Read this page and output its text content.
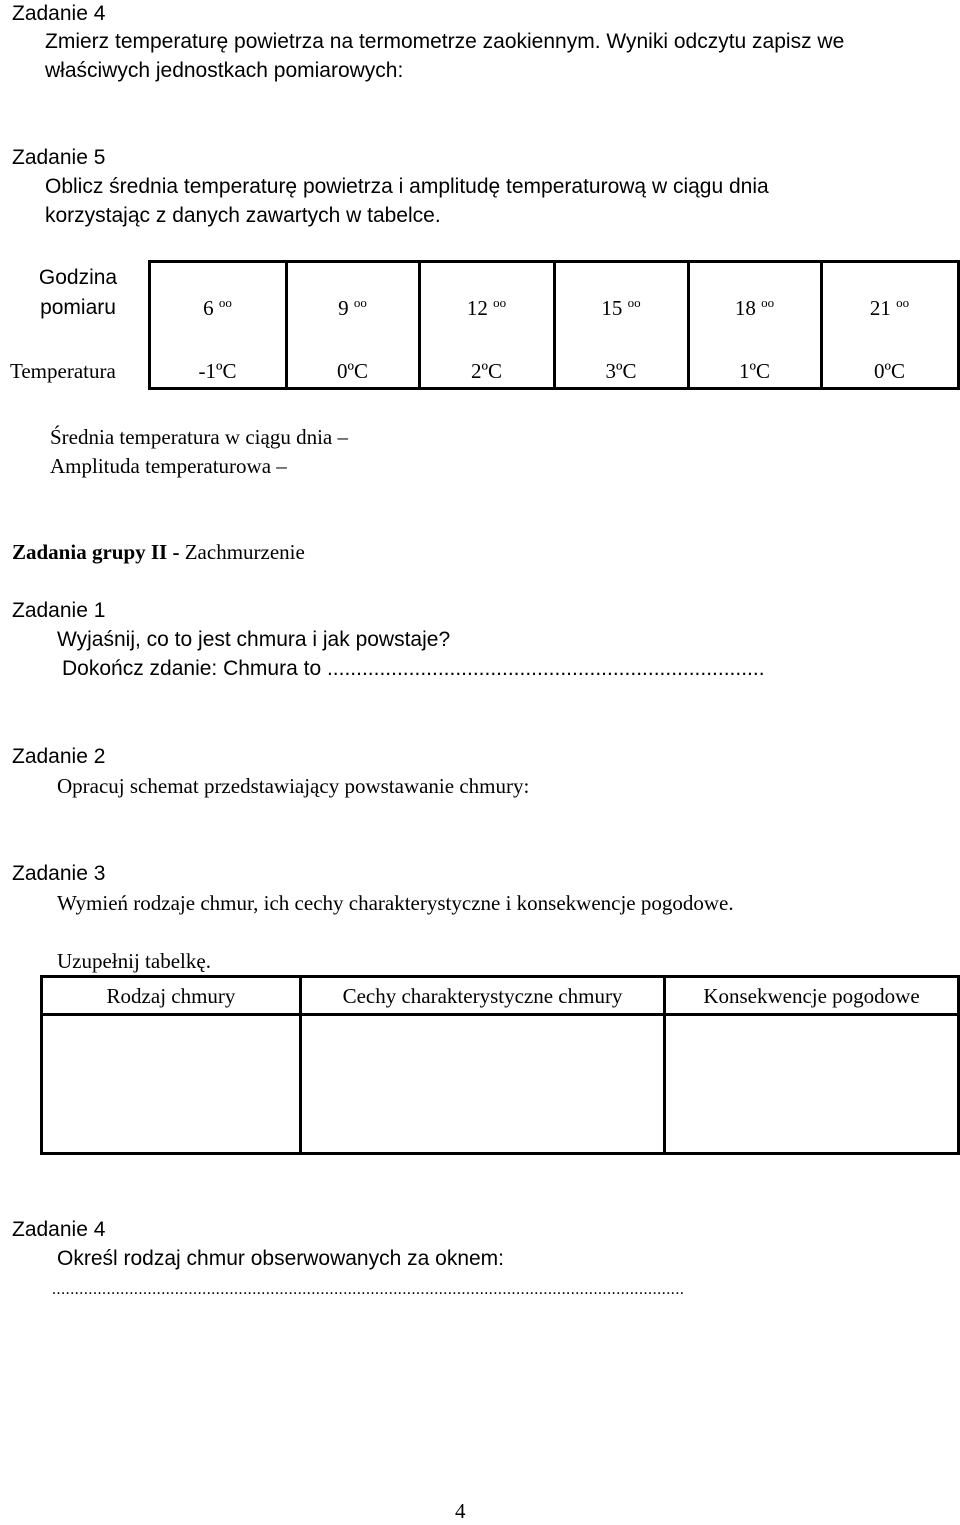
Zadanie 4
Zmierz temperaturę powietrza na termometrze zaokiennym. Wyniki odczytu zapisz we
właściwych jednostkach pomiarowych:
Zadanie 5
Oblicz średnia temperaturę powietrza i amplitudę temperaturową w ciągu dnia
korzystając z danych zawartych w tabelce.
Godzina
pomiaru	6 $^{oo}$	9 $^{oo}$	12 $^{oo}$	15 $^{oo}$	18 $^{oo}$	21 $^{oo}$
Temperatura	-1ºC	0ºC	2ºC	3ºC	1ºC	0ºC
Średnia temperatura w ciągu dnia –
Amplituda temperaturowa –
Zadania grupy II - Zachmurzenie
Zadanie 1
Wyjaśnij, co to jest chmura i jak powstaje?
Dokończ zdanie: Chmura to ...........................................................................
Zadanie 2
Opracuj schemat przedstawiający powstawanie chmury:
Zadanie 3
Wymień rodzaje chmur, ich cechy charakterystyczne i konsekwencje pogodowe.
Uzupełnij tabelkę.
Rodzaj chmury	Cechy charakterystyczne chmury	Konsekwencje pogodowe
Zadanie 4
Określ rodzaj chmur obserwowanych za oknem:
...........................................................................................................................................
4
